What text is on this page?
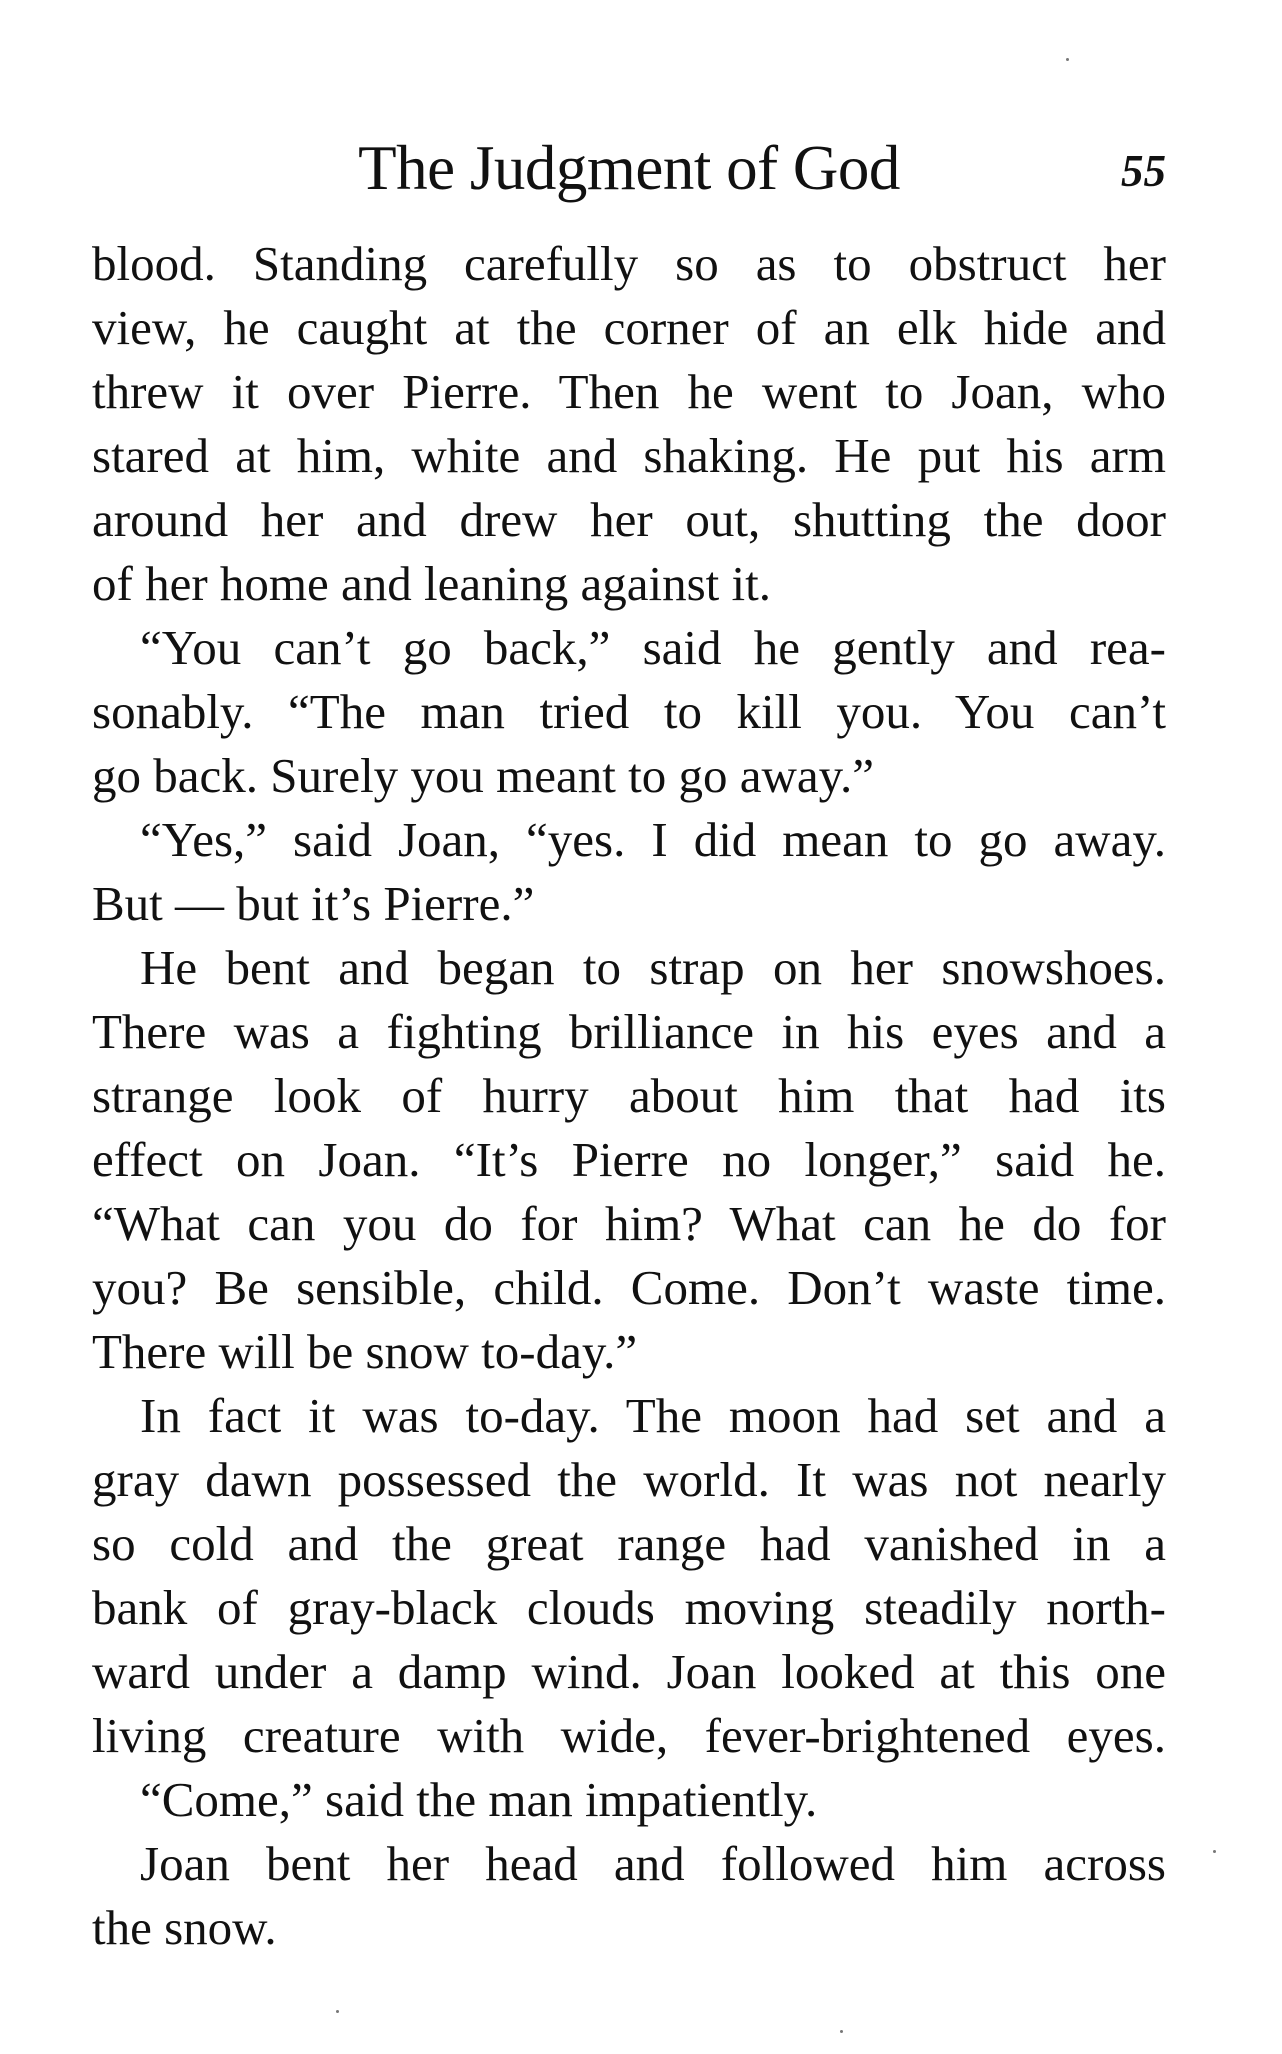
The Judgment of God	55
blood. Standing carefully so as to obstruct her
view, he caught at the corner of an elk hide and
threw it over Pierre. Then he went to Joan, who
stared at him, white and shaking. He put his arm
around her and drew her out, shutting the door
of her home and leaning against it.
“You can’t go back,” said he gently and rea-
sonably. “The man tried to kill you. You can’t
go back. Surely you meant to go away.”
“Yes,” said Joan, “yes. I did mean to go away.
But — but it’s Pierre.”
He bent and began to strap on her snowshoes.
There was a fighting brilliance in his eyes and a
strange look of hurry about him that had its
effect on Joan. “It’s Pierre no longer,” said he.
“What can you do for him? What can he do for
you? Be sensible, child. Come. Don’t waste time.
There will be snow to-day.”
In fact it was to-day. The moon had set and a
gray dawn possessed the world. It was not nearly
so cold and the great range had vanished in a
bank of gray-black clouds moving steadily north-
ward under a damp wind. Joan looked at this one
living creature with wide, fever-brightened eyes.
“Come,” said the man impatiently.
Joan bent her head and followed him across
the snow.
